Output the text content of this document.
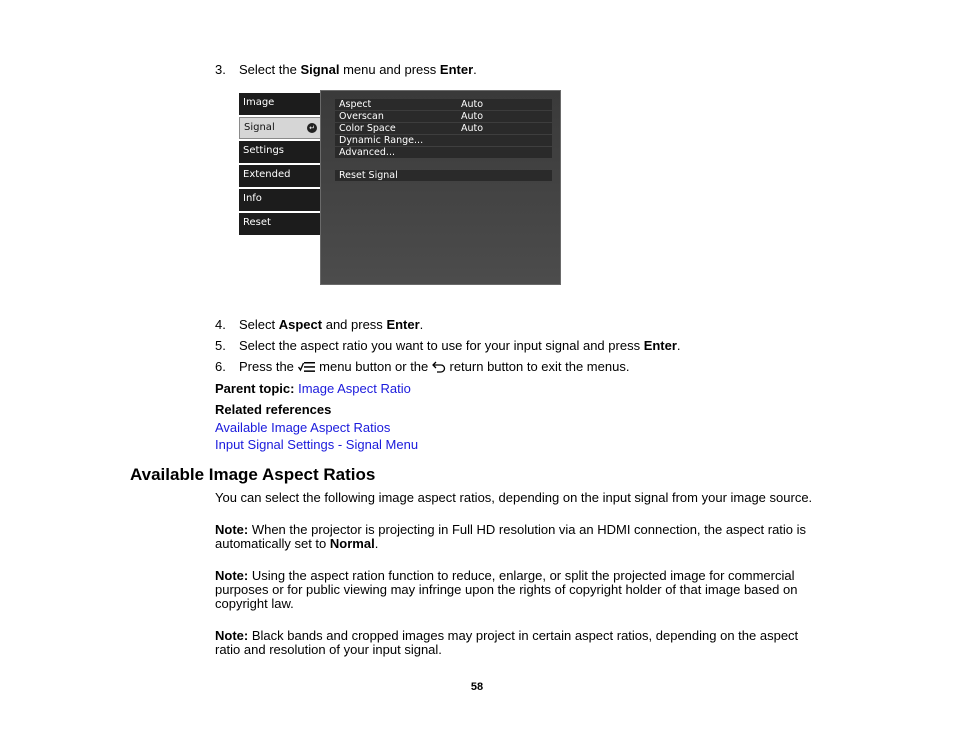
3. Select the Signal menu and press Enter.
Image
Signal	↵
Settings
Extended
Info
Reset
Aspect	Auto
Overscan	Auto
Color Space	Auto
Dynamic Range...
Advanced...
Reset Signal
4. Select Aspect and press Enter.
5. Select the aspect ratio you want to use for your input signal and press Enter.
6. Press the  menu button or the  return button to exit the menus.
Parent topic: Image Aspect Ratio
Related references
Available Image Aspect Ratios
Input Signal Settings - Signal Menu
Available Image Aspect Ratios
You can select the following image aspect ratios, depending on the input signal from your image source.
Note: When the projector is projecting in Full HD resolution via an HDMI connection, the aspect ratio is
automatically set to Normal.
Note: Using the aspect ration function to reduce, enlarge, or split the projected image for commercial
purposes or for public viewing may infringe upon the rights of copyright holder of that image based on
copyright law.
Note: Black bands and cropped images may project in certain aspect ratios, depending on the aspect
ratio and resolution of your input signal.
58
